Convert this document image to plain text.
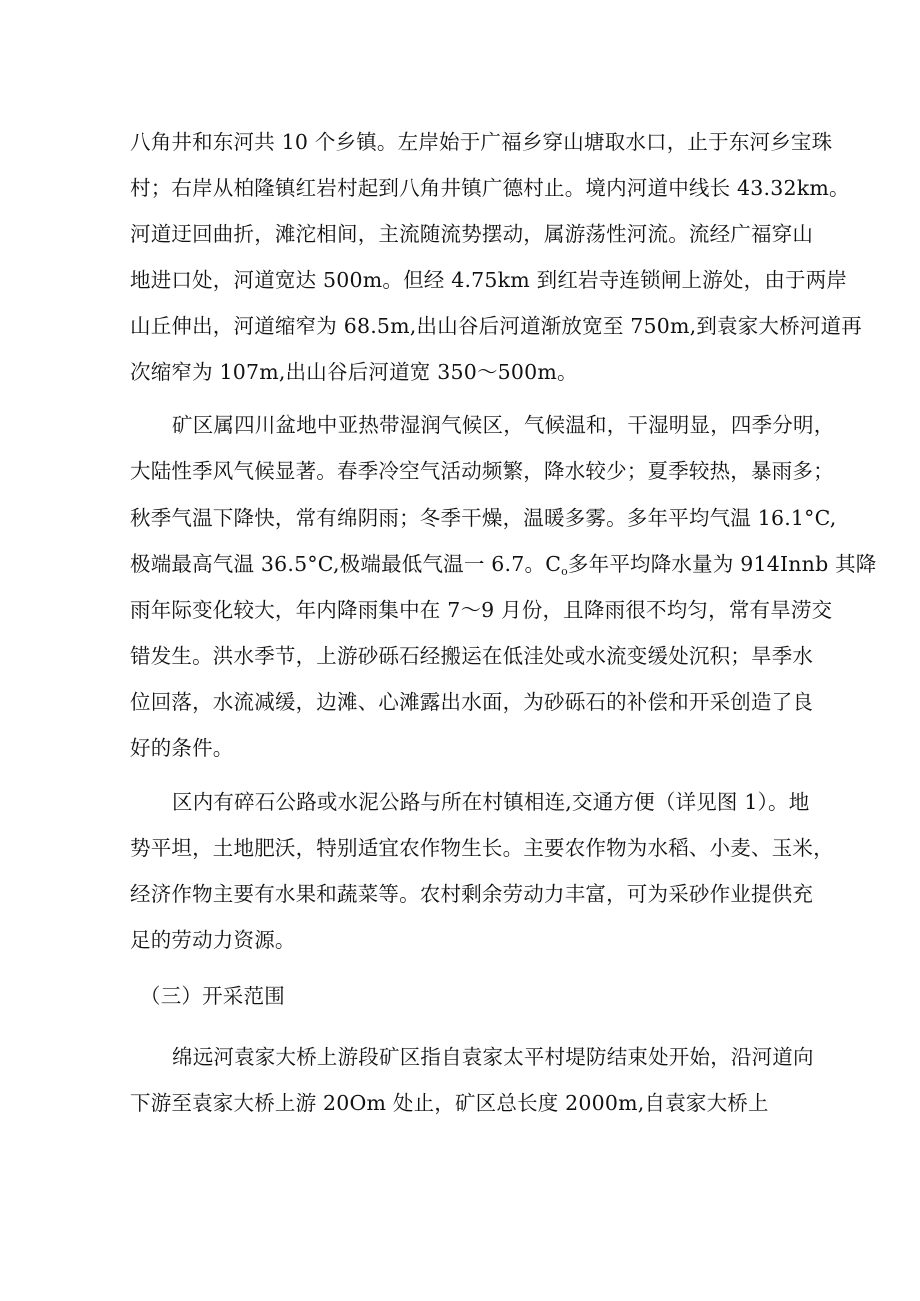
八角井和东河共 10 个乡镇。左岸始于广福乡穿山塘取水口，止于东河乡宝珠
村；右岸从柏隆镇红岩村起到八角井镇广德村止。境内河道中线长 43.32km。
河道迂回曲折，滩沱相间，主流随流势摆动，属游荡性河流。流经广福穿山
地进口处，河道宽达 500m。但经 4.75km 到红岩寺连锁闸上游处，由于两岸
山丘伸出，河道缩窄为 68.5m,出山谷后河道渐放宽至 750m,到袁家大桥河道再
次缩窄为 107m,出山谷后河道宽 350～500m。
矿区属四川盆地中亚热带湿润气候区，气候温和，干湿明显，四季分明，
大陆性季风气候显著。春季冷空气活动频繁，降水较少；夏季较热，暴雨多；
秋季气温下降快，常有绵阴雨；冬季干燥，温暖多雾。多年平均气温 16.1°C,
极端最高气温 36.5°C,极端最低气温一 6.7。$C_o$多年平均降水量为 914Innb 其降
雨年际变化较大，年内降雨集中在 7～9 月份，且降雨很不均匀，常有旱涝交
错发生。洪水季节，上游砂砾石经搬运在低洼处或水流变缓处沉积；旱季水
位回落，水流减缓，边滩、心滩露出水面，为砂砾石的补偿和开采创造了良
好的条件。
区内有碎石公路或水泥公路与所在村镇相连,交通方便（详见图 1）。地
势平坦，土地肥沃，特别适宜农作物生长。主要农作物为水稻、小麦、玉米，
经济作物主要有水果和蔬菜等。农村剩余劳动力丰富，可为采砂作业提供充
足的劳动力资源。
（三）开采范围
绵远河袁家大桥上游段矿区指自袁家太平村堤防结束处开始，沿河道向
下游至袁家大桥上游 20Om 处止，矿区总长度 2000m,自袁家大桥上
